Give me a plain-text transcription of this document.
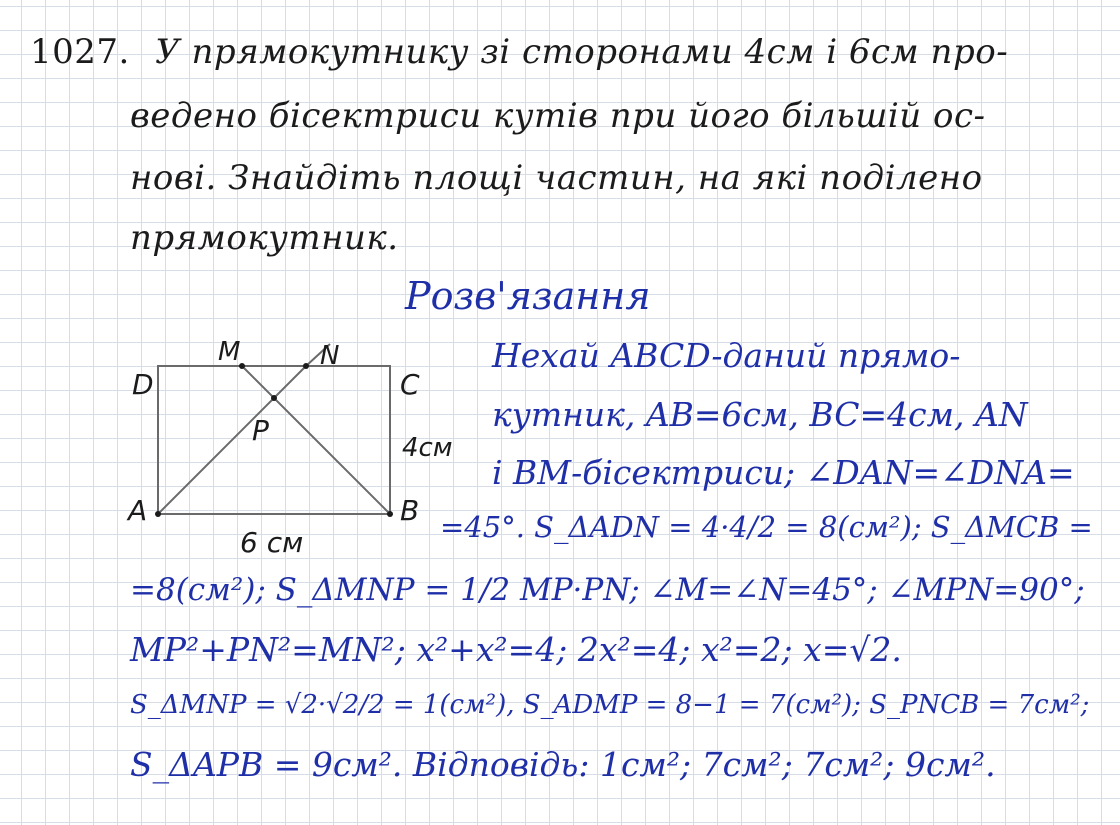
1027. У прямокутнику зі сторонами 4см і 6см про-
ведено бісектриси кутів при його більшій ос-
нові. Знайдіть площі частин, на які поділено
прямокутник.
Розв'язання
A	B
C
D
M	N
P
4см
6 см
Нехай ABCD-даний прямо-
кутник, AB=6см, BC=4см, AN
і BM-бісектриси; ∠DAN=∠DNA=
=45°. S_ΔADN = 4·4/2 = 8(см²); S_ΔMCB =
=8(см²); S_ΔMNP = 1/2 MP·PN; ∠M=∠N=45°; ∠MPN=90°;
MP²+PN²=MN²; x²+x²=4; 2x²=4; x²=2; x=√2.
S_ΔMNP = √2·√2/2 = 1(см²), S_ADMP = 8−1 = 7(см²); S_PNCB = 7см²;
S_ΔAPB = 9см². Відповідь: 1см²; 7см²; 7см²; 9см².
